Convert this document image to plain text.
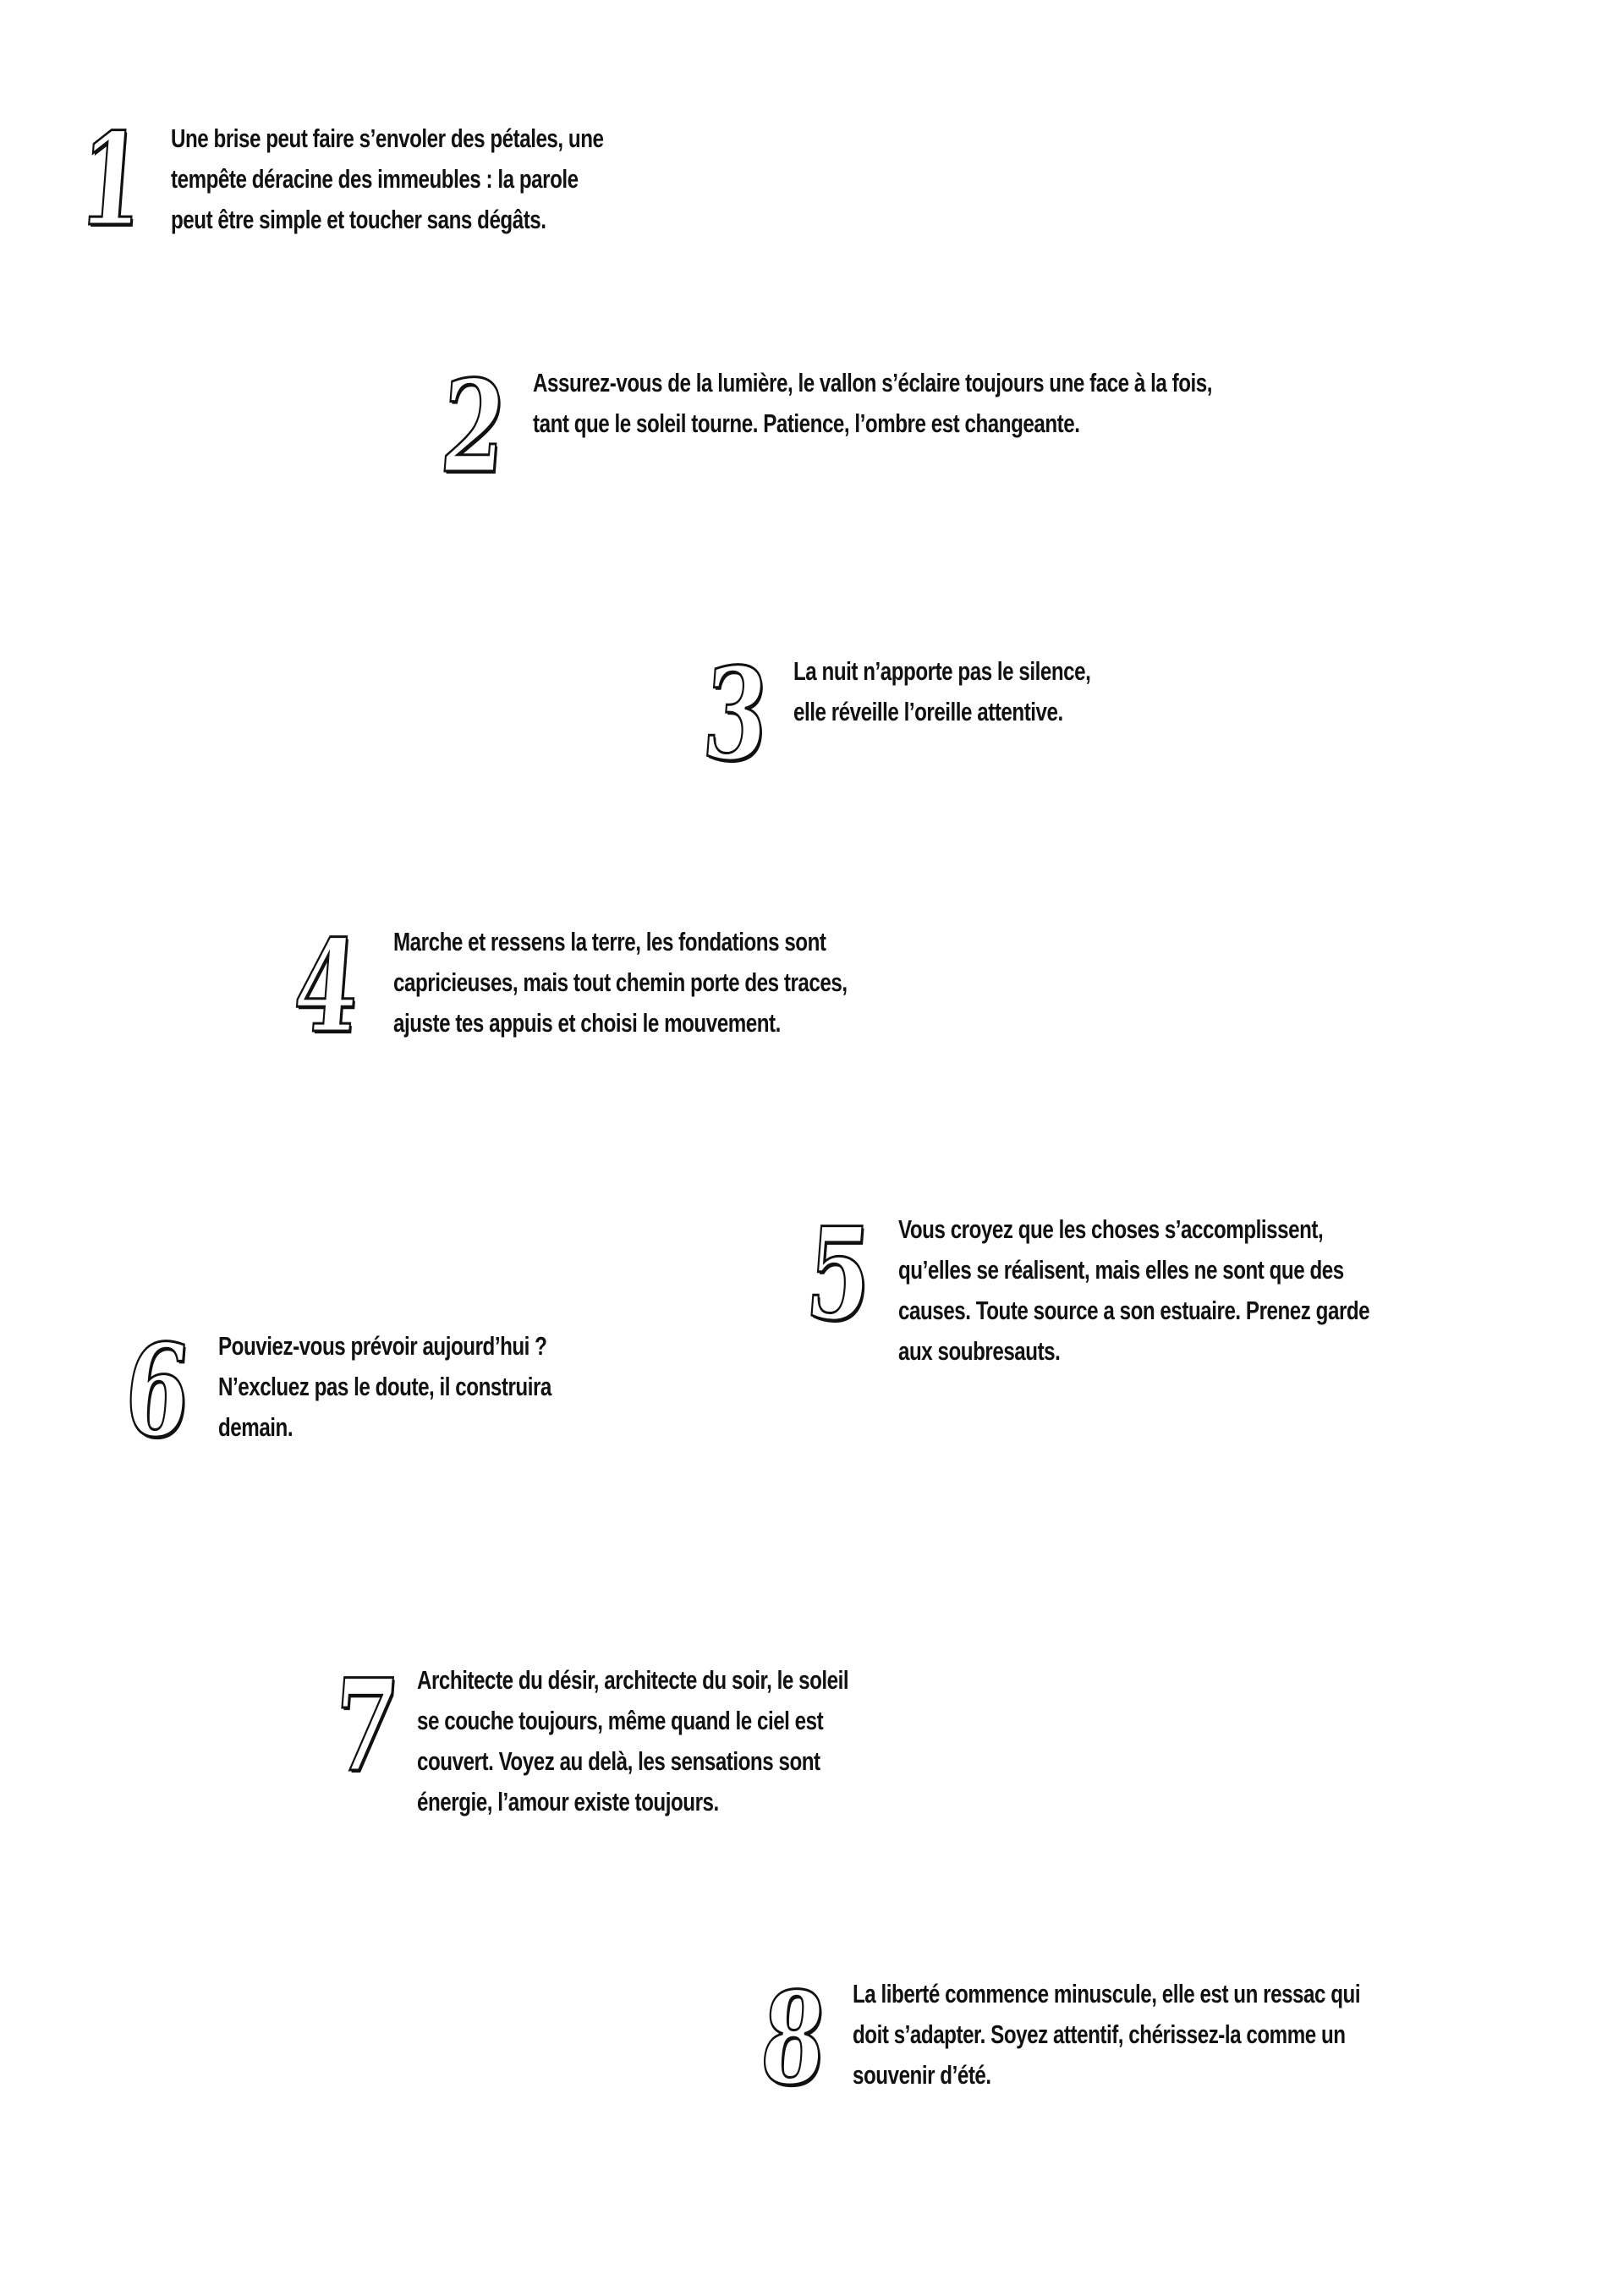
1 Une brise peut faire s’envoler des pétales, une
tempête déracine des immeubles : la parole
peut être simple et toucher sans dégâts.
2 Assurez-vous de la lumière, le vallon s’éclaire toujours une face à la fois,
tant que le soleil tourne. Patience, l’ombre est changeante.
3 La nuit n’apporte pas le silence,
elle réveille l’oreille attentive.
4 Marche et ressens la terre, les fondations sont
capricieuses, mais tout chemin porte des traces,
ajuste tes appuis et choisi le mouvement.
5 Vous croyez que les choses s’accomplissent,
qu’elles se réalisent, mais elles ne sont que des
causes. Toute source a son estuaire. Prenez garde
aux soubresauts.
6 Pouviez-vous prévoir aujourd’hui ?
N’excluez pas le doute, il construira
demain.
7 Architecte du désir, architecte du soir, le soleil
se couche toujours, même quand le ciel est
couvert. Voyez au delà, les sensations sont
énergie, l’amour existe toujours.
8 La liberté commence minuscule, elle est un ressac qui
doit s’adapter. Soyez attentif, chérissez-la comme un
souvenir d’été.
